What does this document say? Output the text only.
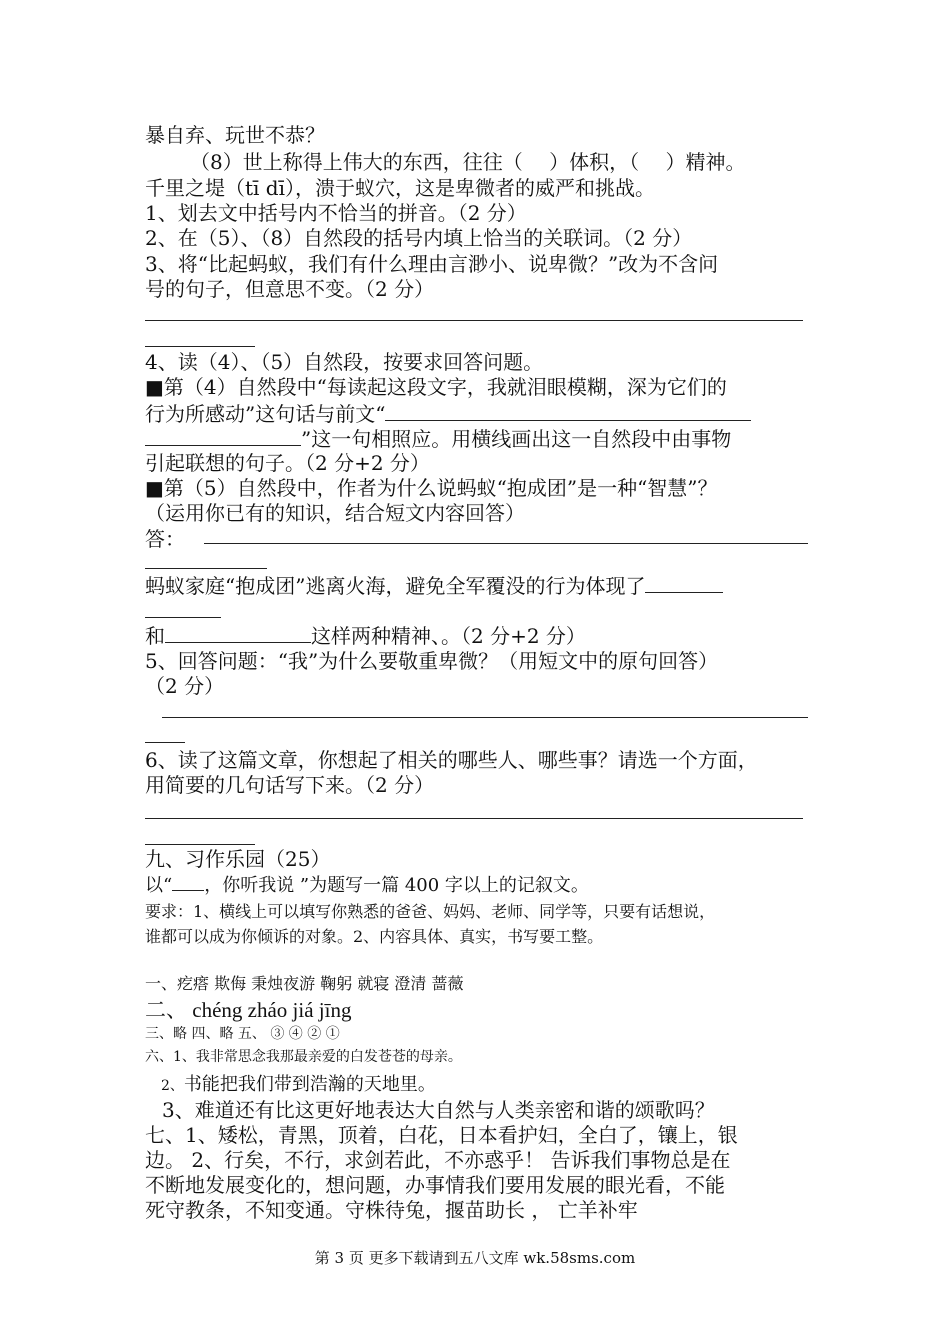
暴自弃、玩世不恭？
（8）世上称得上伟大的东西，往往（　 ）体积，（　 ）精神。
千里之堤（tī dī），溃于蚁穴，这是卑微者的威严和挑战。
1、划去文中括号内不恰当的拼音。（2 分）
2、在（5）、（8）自然段的括号内填上恰当的关联词。（2 分）
3、将“比起蚂蚁，我们有什么理由言渺小、说卑微？”改为不含问
号的句子，但意思不变。（2 分）
4、读（4）、（5）自然段，按要求回答问题。
■第（4）自然段中“每读起这段文字，我就泪眼模糊，深为它们的
行为所感动”这句话与前文“
”这一句相照应。用横线画出这一自然段中由事物
引起联想的句子。（2 分+2 分）
■第（5）自然段中，作者为什么说蚂蚁“抱成团”是一种“智慧”？
（运用你已有的知识，结合短文内容回答）
答：
蚂蚁家庭“抱成团”逃离火海，避免全军覆没的行为体现了
和	这样两种精神、。（2 分+2 分）
5、回答问题：“我”为什么要敬重卑微？（用短文中的原句回答）
（2 分）
6、读了这篇文章，你想起了相关的哪些人、哪些事？请选一个方面，
用简要的几句话写下来。（2 分）
九、习作乐园（25）
以“ ，你听我说 ”为题写一篇 400 字以上的记叙文。
要求：1、横线上可以填写你熟悉的爸爸、妈妈、老师、同学等，只要有话想说，
谁都可以成为你倾诉的对象。2、内容具体、真实，书写要工整。
一、疙瘩 欺侮 秉烛夜游 鞠躬 就寝 澄清 蔷薇
二、 chéng zháo jiá jīng
三、略 四、略 五、 ③ ④ ② ①
六、1、我非常思念我那最亲爱的白发苍苍的母亲。
2、书能把我们带到浩瀚的天地里。
3、难道还有比这更好地表达大自然与人类亲密和谐的颂歌吗？
七、1、矮松，青黑，顶着，白花，日本看护妇，全白了，镶上，银
边。 2、行矣，不行，求剑若此，不亦惑乎！ 告诉我们事物总是在
不断地发展变化的，想问题，办事情我们要用发展的眼光看，不能
死守教条，不知变通。守株待兔，揠苗助长 ， 亡羊补牢
第 3 页 更多下载请到五八文库 wk.58sms.com
